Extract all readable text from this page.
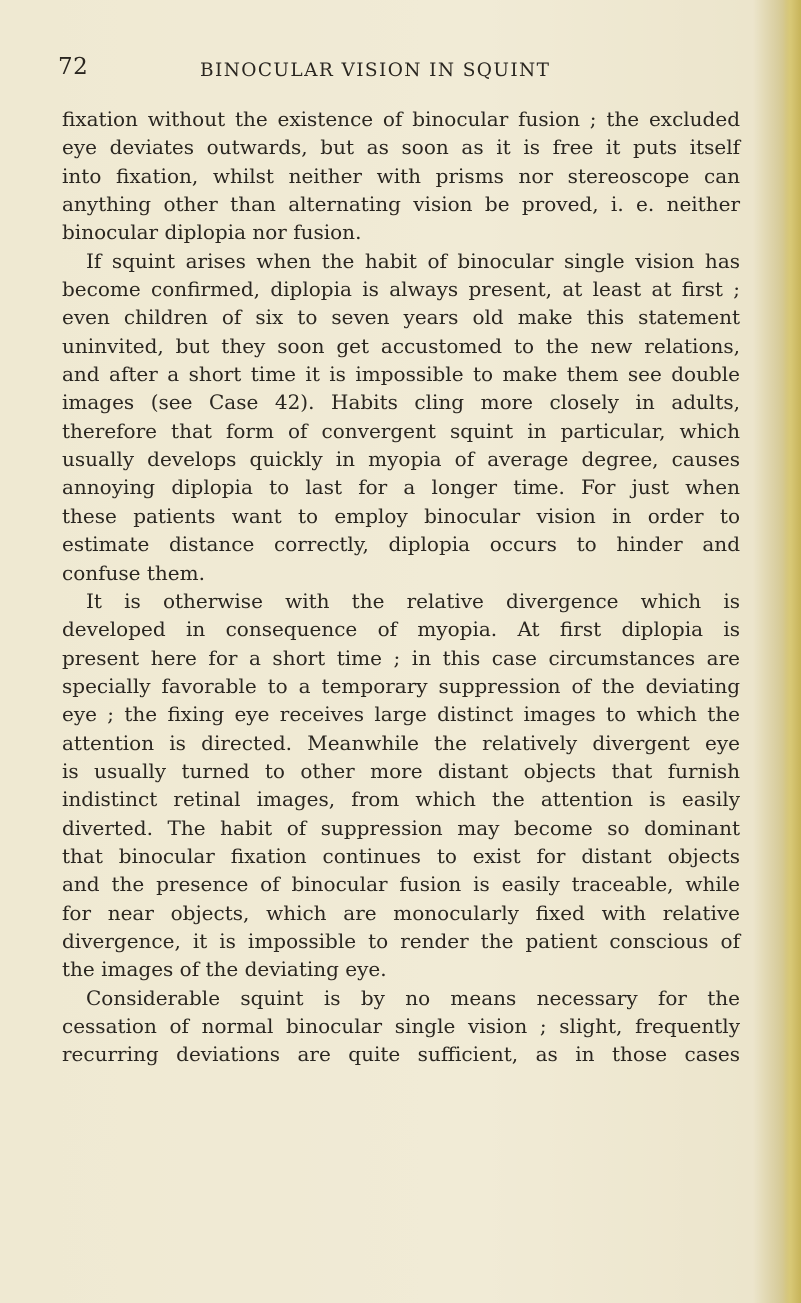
72	BINOCULAR VISION IN SQUINT
fixation without the existence of binocular fusion ; the excluded
eye deviates outwards, but as soon as it is free it puts itself
into fixation, whilst neither with prisms nor stereoscope can
anything other than alternating vision be proved, i. e. neither
binocular diplopia nor fusion.
If squint arises when the habit of binocular single vision has
become confirmed, diplopia is always present, at least at first ;
even children of six to seven years old make this statement
uninvited, but they soon get accustomed to the new relations,
and after a short time it is impossible to make them see double
images (see Case 42). Habits cling more closely in adults,
therefore that form of convergent squint in particular, which
usually develops quickly in myopia of average degree, causes
annoying diplopia to last for a longer time. For just when
these patients want to employ binocular vision in order to
estimate distance correctly, diplopia occurs to hinder and
confuse them.
It is otherwise with the relative divergence which is
developed in consequence of myopia. At first diplopia is
present here for a short time ; in this case circumstances are
specially favorable to a temporary suppression of the deviating
eye ; the fixing eye receives large distinct images to which the
attention is directed. Meanwhile the relatively divergent eye
is usually turned to other more distant objects that furnish
indistinct retinal images, from which the attention is easily
diverted. The habit of suppression may become so dominant
that binocular fixation continues to exist for distant objects
and the presence of binocular fusion is easily traceable, while
for near objects, which are monocularly fixed with relative
divergence, it is impossible to render the patient conscious of
the images of the deviating eye.
Considerable squint is by no means necessary for the
cessation of normal binocular single vision ; slight, frequently
recurring deviations are quite sufficient, as in those cases
